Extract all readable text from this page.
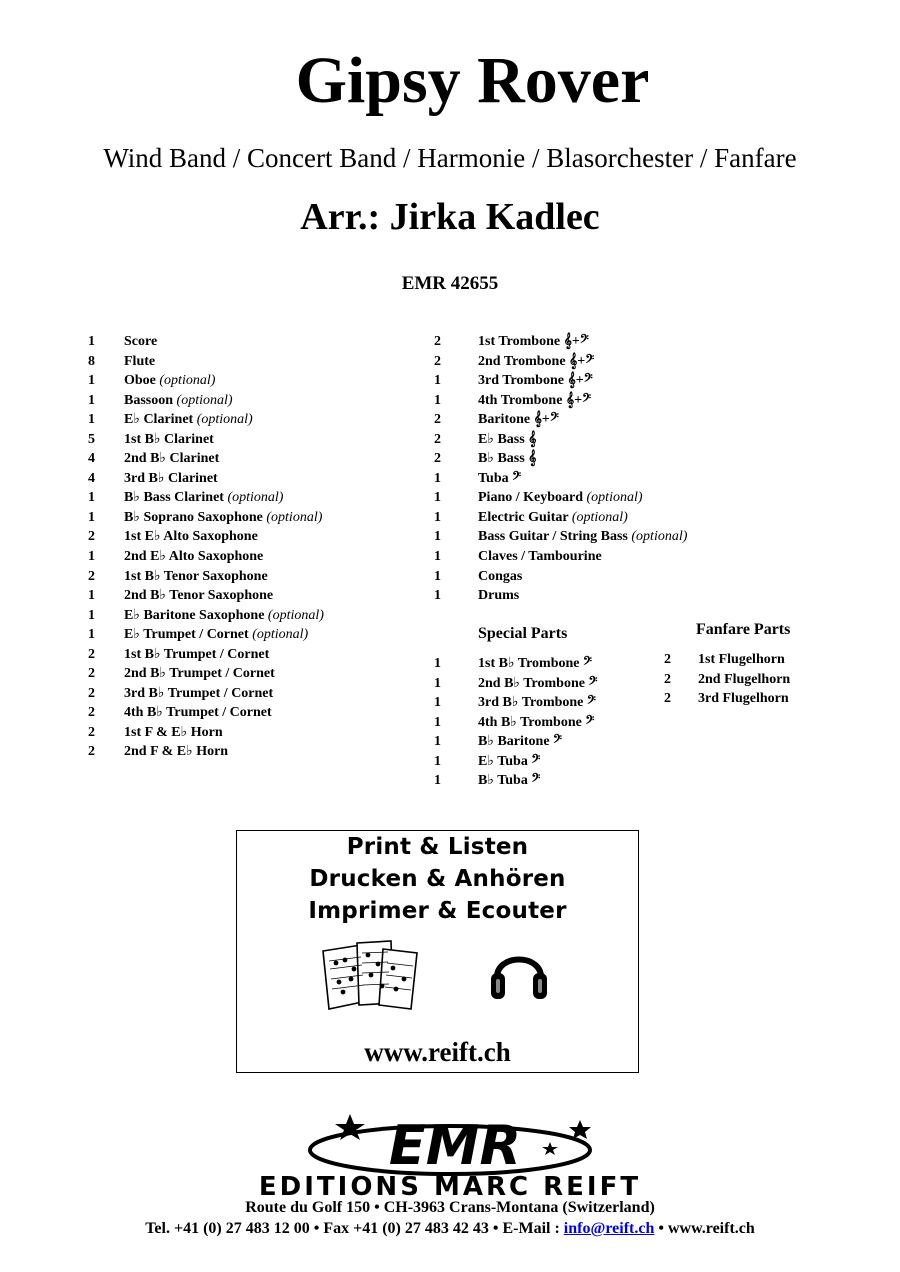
Gipsy Rover
Wind Band / Concert Band / Harmonie / Blasorchester / Fanfare
Arr.: Jirka Kadlec
EMR 42655
1 Score
8 Flute
1 Oboe (optional)
1 Bassoon (optional)
1 E♭ Clarinet (optional)
5 1st B♭ Clarinet
4 2nd B♭ Clarinet
4 3rd B♭ Clarinet
1 B♭ Bass Clarinet (optional)
1 B♭ Soprano Saxophone (optional)
2 1st E♭ Alto Saxophone
1 2nd E♭ Alto Saxophone
2 1st B♭ Tenor Saxophone
1 2nd B♭ Tenor Saxophone
1 E♭ Baritone Saxophone (optional)
1 E♭ Trumpet / Cornet (optional)
2 1st B♭ Trumpet / Cornet
2 2nd B♭ Trumpet / Cornet
2 3rd B♭ Trumpet / Cornet
2 4th B♭ Trumpet / Cornet
2 1st F & E♭ Horn
2 2nd F & E♭ Horn
2	1st Trombone 𝄞+𝄢
2	2nd Trombone 𝄞+𝄢
1	3rd Trombone 𝄞+𝄢
1	4th Trombone 𝄞+𝄢
2	Baritone 𝄞+𝄢
2	E♭ Bass 𝄞
2	B♭ Bass 𝄞
1	Tuba 𝄢
1	Piano / Keyboard (optional)
1	Electric Guitar (optional)
1	Bass Guitar / String Bass (optional)
1	Claves / Tambourine
1	Congas
1	Drums
Special Parts
1	1st B♭ Trombone 𝄢
1	2nd B♭ Trombone 𝄢
1	3rd B♭ Trombone 𝄢
1	4th B♭ Trombone 𝄢
1	B♭ Baritone 𝄢
1	E♭ Tuba 𝄢
1	B♭ Tuba 𝄢
Fanfare Parts
2 1st Flugelhorn
2 2nd Flugelhorn
2 3rd Flugelhorn
Print & Listen
Drucken & Anhören
Imprimer & Ecouter
www.reift.ch
EMR
EDITIONS MARC REIFT
Route du Golf 150 • CH-3963 Crans-Montana (Switzerland)
Tel. +41 (0) 27 483 12 00 • Fax +41 (0) 27 483 42 43 • E-Mail : info@reift.ch • www.reift.ch
